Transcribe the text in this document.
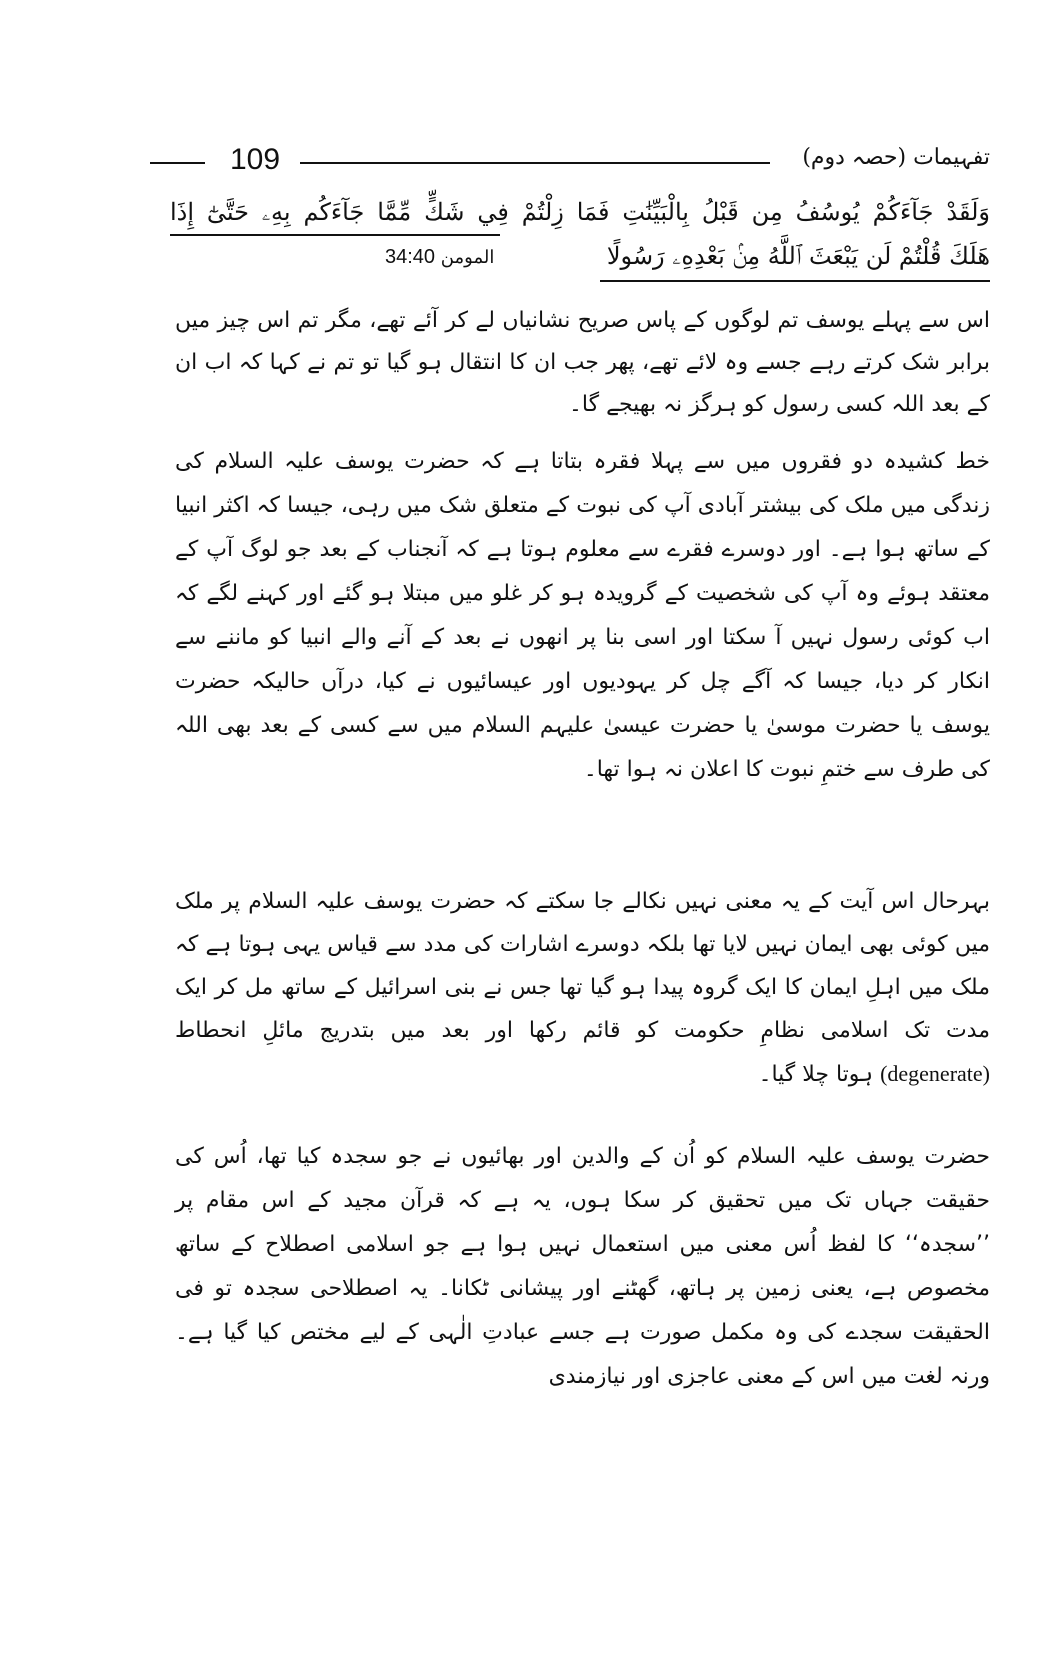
109	تفہیمات (حصہ دوم)
وَلَقَدْ جَآءَكُمْ يُوسُفُ مِن قَبْلُ بِالْبَيِّنَٰتِ فَمَا زِلْتُمْ فِي شَكٍّ مِّمَّا جَآءَكُم بِهِۦ حَتَّىٰٓ إِذَا
هَلَكَ قُلْتُمْ لَن يَبْعَثَ ٱللَّهُ مِنۢ بَعْدِهِۦ رَسُولًا
المومن 34:40

اس سے پہلے یوسف تم لوگوں کے پاس صریح نشانیاں لے کر آئے تھے، مگر تم اس چیز میں برابر شک کرتے رہے جسے وہ لائے تھے، پھر جب ان کا انتقال ہو گیا تو تم نے کہا کہ اب ان کے بعد اللہ کسی رسول کو ہرگز نہ بھیجے گا۔

خط کشیدہ دو فقروں میں سے پہلا فقرہ بتاتا ہے کہ حضرت یوسف علیہ السلام کی زندگی میں ملک کی بیشتر آبادی آپ کی نبوت کے متعلق شک میں رہی، جیسا کہ اکثر انبیا کے ساتھ ہوا ہے۔ اور دوسرے فقرے سے معلوم ہوتا ہے کہ آنجناب کے بعد جو لوگ آپ کے معتقد ہوئے وہ آپ کی شخصیت کے گرویدہ ہو کر غلو میں مبتلا ہو گئے اور کہنے لگے کہ اب کوئی رسول نہیں آ سکتا اور اسی بنا پر انھوں نے بعد کے آنے والے انبیا کو ماننے سے انکار کر دیا، جیسا کہ آگے چل کر یہودیوں اور عیسائیوں نے کیا، درآں حالیکہ حضرت یوسف یا حضرت موسیٰ یا حضرت عیسیٰ علیہم السلام میں سے کسی کے بعد بھی اللہ کی طرف سے ختمِ نبوت کا اعلان نہ ہوا تھا۔

بہرحال اس آیت کے یہ معنی نہیں نکالے جا سکتے کہ حضرت یوسف علیہ السلام پر ملک میں کوئی بھی ایمان نہیں لایا تھا بلکہ دوسرے اشارات کی مدد سے قیاس یہی ہوتا ہے کہ ملک میں اہلِ ایمان کا ایک گروہ پیدا ہو گیا تھا جس نے بنی اسرائیل کے ساتھ مل کر ایک مدت تک اسلامی نظامِ حکومت کو قائم رکھا اور بعد میں بتدریج مائلِ انحطاط (degenerate) ہوتا چلا گیا۔

حضرت یوسف علیہ السلام کو اُن کے والدین اور بھائیوں نے جو سجدہ کیا تھا، اُس کی حقیقت جہاں تک میں تحقیق کر سکا ہوں، یہ ہے کہ قرآن مجید کے اس مقام پر ’’سجدہ‘‘ کا لفظ اُس معنی میں استعمال نہیں ہوا ہے جو اسلامی اصطلاح کے ساتھ مخصوص ہے، یعنی زمین پر ہاتھ، گھٹنے اور پیشانی ٹکانا۔ یہ اصطلاحی سجدہ تو فی الحقیقت سجدے کی وہ مکمل صورت ہے جسے عبادتِ الٰہی کے لیے مختص کیا گیا ہے۔ ورنہ لغت میں اس کے معنی عاجزی اور نیازمندی
